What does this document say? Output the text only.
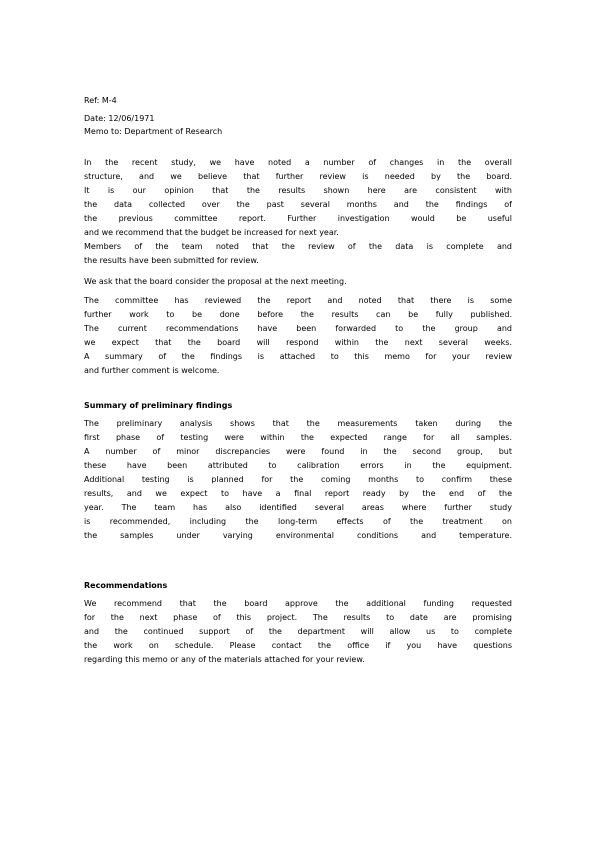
Ref: M-4
Date: 12/06/1971
Memo to: Department of Research
In the recent study, we have noted a number of changes in the overall
structure, and we believe that further review is needed by the board.
It is our opinion that the results shown here are consistent with
the data collected over the past several months and the findings of
the previous committee report. Further investigation would be useful
and we recommend that the budget be increased for next year.
Members of the team noted that the review of the data is complete and
the results have been submitted for review.
We ask that the board consider the proposal at the next meeting.
The committee has reviewed the report and noted that there is some
further work to be done before the results can be fully published.
The current recommendations have been forwarded to the group and
we expect that the board will respond within the next several weeks.
A summary of the findings is attached to this memo for your review
and further comment is welcome.
Summary of preliminary findings
The preliminary analysis shows that the measurements taken during the
first phase of testing were within the expected range for all samples.
A number of minor discrepancies were found in the second group, but
these have been attributed to calibration errors in the equipment.
Additional testing is planned for the coming months to confirm these
results, and we expect to have a final report ready by the end of the
year. The team has also identified several areas where further study
is recommended, including the long-term effects of the treatment on
the samples under varying environmental conditions and temperature.
Recommendations
We recommend that the board approve the additional funding requested
for the next phase of this project. The results to date are promising
and the continued support of the department will allow us to complete
the work on schedule. Please contact the office if you have questions
regarding this memo or any of the materials attached for your review.
